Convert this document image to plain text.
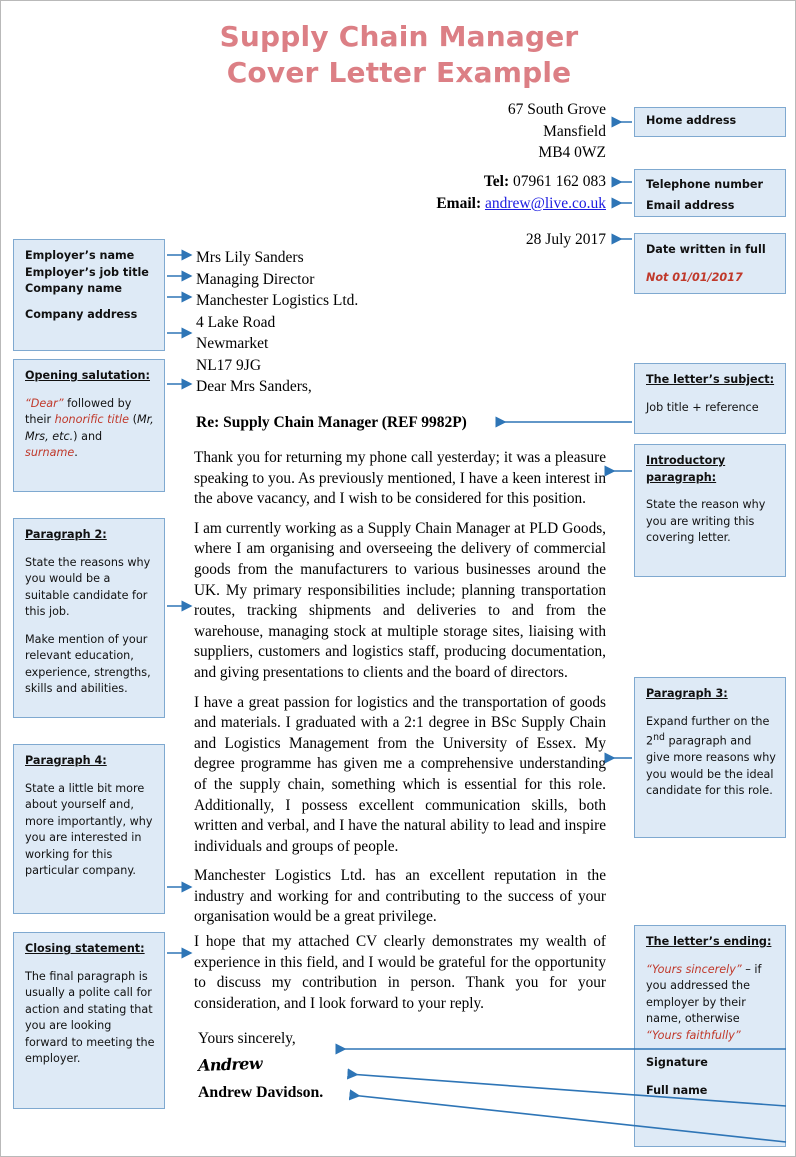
Supply Chain Manager
Cover Letter Example
67 South Grove
Mansfield
MB4 0WZ
Tel: 07961 162 083
Email: andrew@live.co.uk
28 July 2017
Mrs Lily Sanders
Managing Director
Manchester Logistics Ltd.
4 Lake Road
Newmarket
NL17 9JG
Dear Mrs Sanders,
Re: Supply Chain Manager (REF 9982P)

Thank you for returning my phone call yesterday; it was a pleasure speaking to you. As previously mentioned, I have a keen interest in the above vacancy, and I wish to be considered for this position.

I am currently working as a Supply Chain Manager at PLD Goods, where I am organising and overseeing the delivery of commercial goods from the manufacturers to various businesses around the UK. My primary responsibilities include; planning transportation routes, tracking shipments and deliveries to and from the warehouse, managing stock at multiple storage sites, liaising with suppliers, customers and logistics staff, producing documentation, and giving presentations to clients and the board of directors.

I have a great passion for logistics and the transportation of goods and materials. I graduated with a 2:1 degree in BSc Supply Chain and Logistics Management from the University of Essex. My degree programme has given me a comprehensive understanding of the supply chain, something which is essential for this role. Additionally, I possess excellent communication skills, both written and verbal, and I have the natural ability to lead and inspire individuals and groups of people.

Manchester Logistics Ltd. has an excellent reputation in the industry and working for and contributing to the success of your organisation would be a great privilege.

I hope that my attached CV clearly demonstrates my wealth of experience in this field, and I would be grateful for the opportunity to discuss my contribution in person. Thank you for your consideration, and I look forward to your reply.
Yours sincerely,
Andrew
Andrew Davidson.
Employer’s name
Employer’s job title
Company name
Company address
Opening salutation:
“Dear” followed by their honorific title (Mr, Mrs, etc.) and surname.
Paragraph 2:
State the reasons why you would be a suitable candidate for this job.
Make mention of your relevant education, experience, strengths, skills and abilities.
Paragraph 4:
State a little bit more about yourself and, more importantly, why you are interested in working for this particular company.
Closing statement:
The final paragraph is usually a polite call for action and stating that you are looking forward to meeting the employer.
Home address
Telephone number
Email address
Date written in full
Not 01/01/2017
The letter’s subject:
Job title + reference
Introductory
paragraph:
State the reason why you are writing this covering letter.
Paragraph 3:
Expand further on the 2nd paragraph and give more reasons why you would be the ideal candidate for this role.
The letter’s ending:
“Yours sincerely” – if you addressed the employer by their name, otherwise “Yours faithfully”
Signature
Full name
